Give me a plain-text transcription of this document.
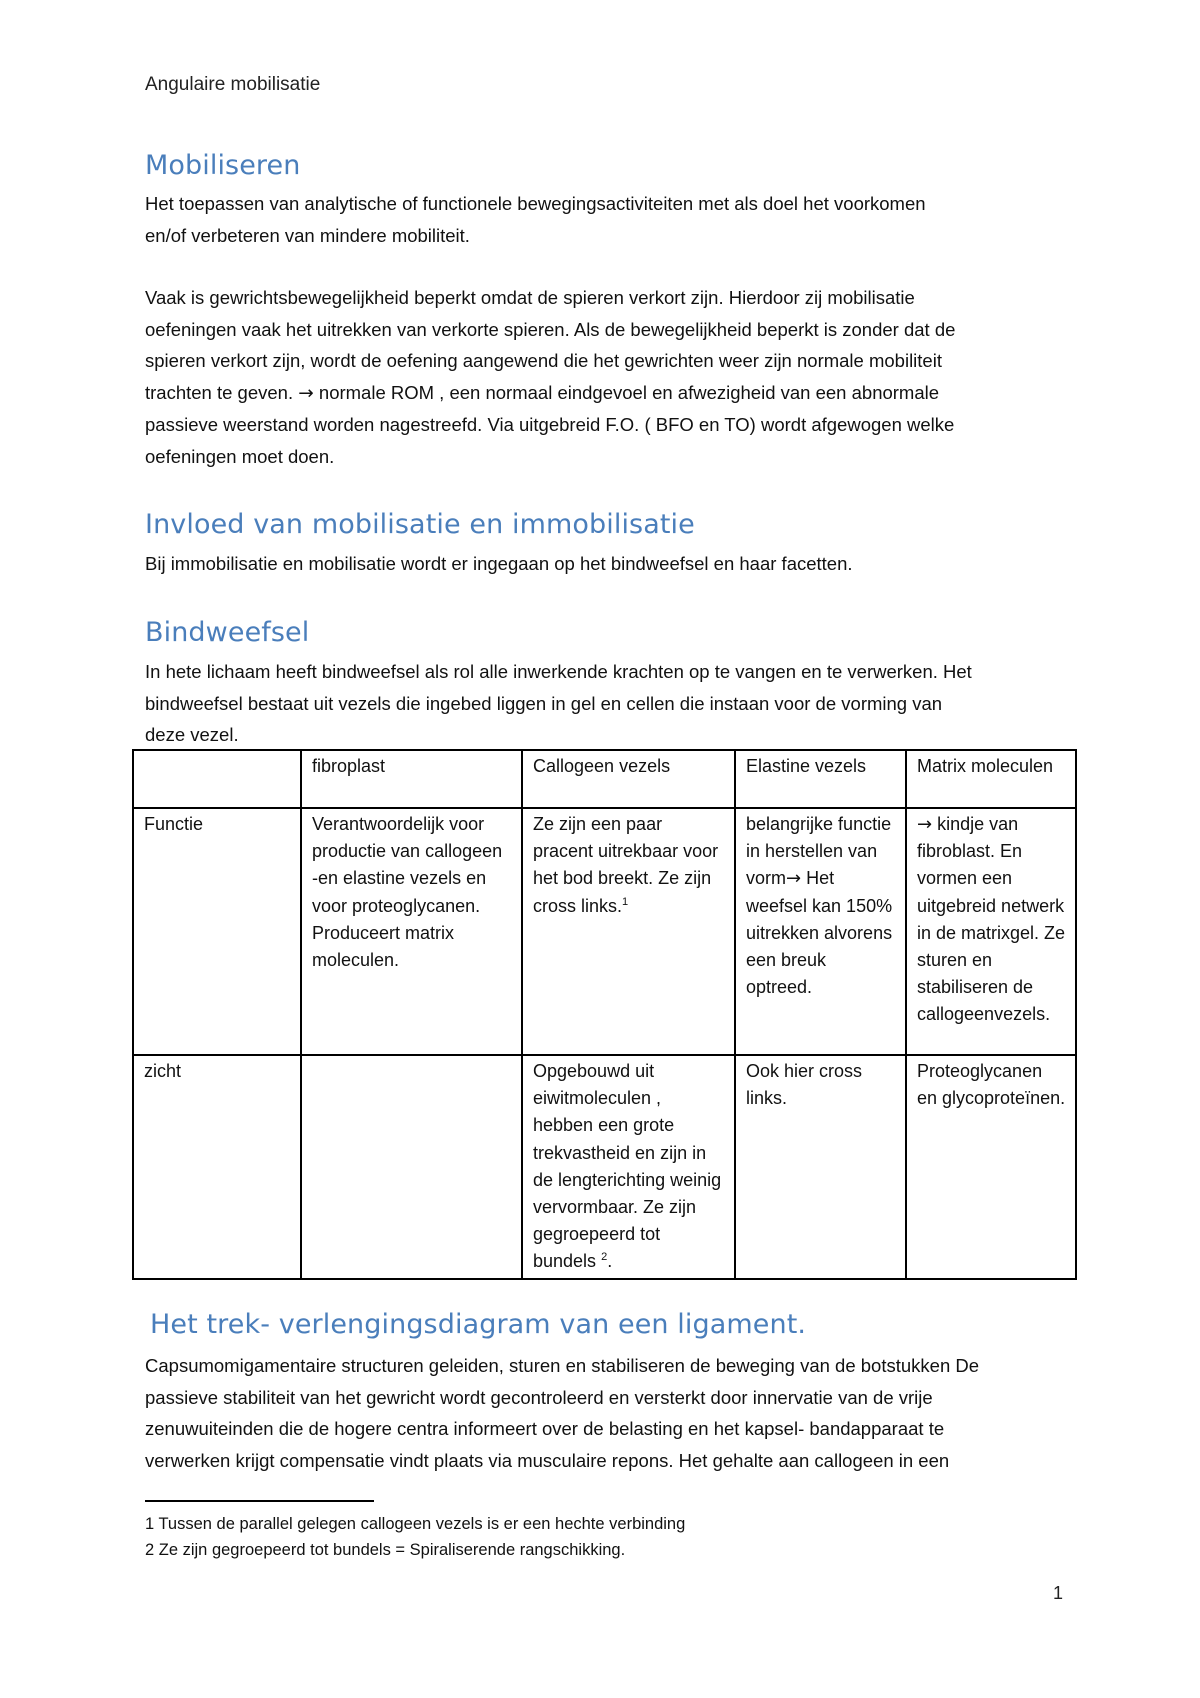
Angulaire mobilisatie
Mobiliseren

Het toepassen van analytische of functionele bewegingsactiviteiten met als doel het voorkomen

en/of verbeteren van mindere mobiliteit.

Vaak is gewrichtsbewegelijkheid beperkt omdat de spieren verkort zijn. Hierdoor zij mobilisatie

oefeningen vaak het uitrekken van verkorte spieren. Als de bewegelijkheid beperkt is zonder dat de

spieren verkort zijn, wordt de oefening aangewend die het gewrichten weer zijn normale mobiliteit

trachten te geven. → normale ROM , een normaal eindgevoel en afwezigheid van een abnormale

passieve weerstand worden nagestreefd. Via uitgebreid F.O. ( BFO en TO) wordt afgewogen welke

oefeningen moet doen.

Invloed van mobilisatie en immobilisatie

Bij immobilisatie en mobilisatie wordt er ingegaan op het bindweefsel en haar facetten.

Bindweefsel

In hete lichaam heeft bindweefsel als rol alle inwerkende krachten op te vangen en te verwerken. Het

bindweefsel bestaat uit vezels die ingebed liggen in gel en cellen die instaan voor de vorming van

deze vezel.

	fibroplast	Callogeen vezels	Elastine vezels	Matrix moleculen
Functie	Verantwoordelijk voor productie van callogeen -en elastine vezels en voor proteoglycanen. Produceert matrix moleculen.	Ze zijn een paar pracent uitrekbaar voor het bod breekt. Ze zijn cross links.$^1$	belangrijke functie in herstellen van vorm→ Het weefsel kan 150% uitrekken alvorens een breuk optreed.	→ kindje van fibroblast. En vormen een uitgebreid netwerk in de matrixgel. Ze sturen en stabiliseren de callogeenvezels.
zicht		Opgebouwd uit eiwitmoleculen , hebben een grote trekvastheid en zijn in de lengterichting weinig vervormbaar. Ze zijn gegroepeerd tot bundels $^2$.	Ook hier cross links.	Proteoglycanen en glycoproteïnen.
Het trek- verlengingsdiagram van een ligament.

Capsumomigamentaire structuren geleiden, sturen en stabiliseren de beweging van de botstukken De

passieve stabiliteit van het gewricht wordt gecontroleerd en versterkt door innervatie van de vrije

zenuwuiteinden die de hogere centra informeert over de belasting en het kapsel- bandapparaat te

verwerken krijgt compensatie vindt plaats via musculaire repons. Het gehalte aan callogeen in een

1 Tussen de parallel gelegen callogeen vezels is er een hechte verbinding
2 Ze zijn gegroepeerd tot bundels = Spiraliserende rangschikking.
1
